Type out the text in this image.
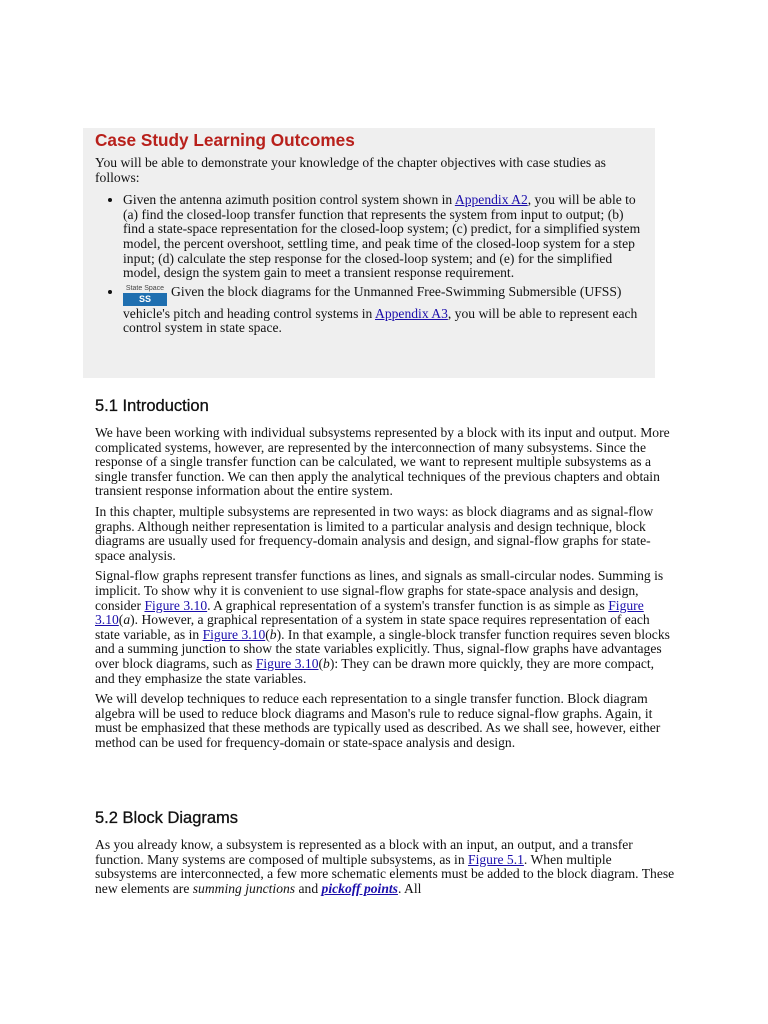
Case Study Learning Outcomes

You will be able to demonstrate your knowledge of the chapter objectives with case studies as follows:

• Given the antenna azimuth position control system shown in Appendix A2, you will be able to (a) find the closed-loop transfer function that represents the system from input to output; (b) find a state-space representation for the closed-loop system; (c) predict, for a simplified system model, the percent overshoot, settling time, and peak time of the closed-loop system for a step input; (d) calculate the step response for the closed-loop system; and (e) for the simplified model, design the system gain to meet a transient response requirement.
• State Space
SS	Given the block diagrams for the Unmanned Free-Swimming Submersible (UFSS) vehicle's pitch and heading control systems in Appendix A3, you will be able to represent each control system in state space.
5.1 Introduction

We have been working with individual subsystems represented by a block with its input and output. More complicated systems, however, are represented by the interconnection of many subsystems. Since the response of a single transfer function can be calculated, we want to represent multiple subsystems as a single transfer function. We can then apply the analytical techniques of the previous chapters and obtain transient response information about the entire system.

In this chapter, multiple subsystems are represented in two ways: as block diagrams and as signal-flow graphs. Although neither representation is limited to a particular analysis and design technique, block diagrams are usually used for frequency-domain analysis and design, and signal-flow graphs for state-space analysis.

Signal-flow graphs represent transfer functions as lines, and signals as small-circular nodes. Summing is implicit. To show why it is convenient to use signal-flow graphs for state-space analysis and design, consider Figure 3.10. A graphical representation of a system's transfer function is as simple as Figure 3.10(a). However, a graphical representation of a system in state space requires representation of each state variable, as in Figure 3.10(b). In that example, a single-block transfer function requires seven blocks and a summing junction to show the state variables explicitly. Thus, signal-flow graphs have advantages over block diagrams, such as Figure 3.10(b): They can be drawn more quickly, they are more compact, and they emphasize the state variables.

We will develop techniques to reduce each representation to a single transfer function. Block diagram algebra will be used to reduce block diagrams and Mason's rule to reduce signal-flow graphs. Again, it must be emphasized that these methods are typically used as described. As we shall see, however, either method can be used for frequency-domain or state-space analysis and design.

5.2 Block Diagrams

As you already know, a subsystem is represented as a block with an input, an output, and a transfer function. Many systems are composed of multiple subsystems, as in Figure 5.1. When multiple subsystems are interconnected, a few more schematic elements must be added to the block diagram. These new elements are summing junctions and pickoff points. All
